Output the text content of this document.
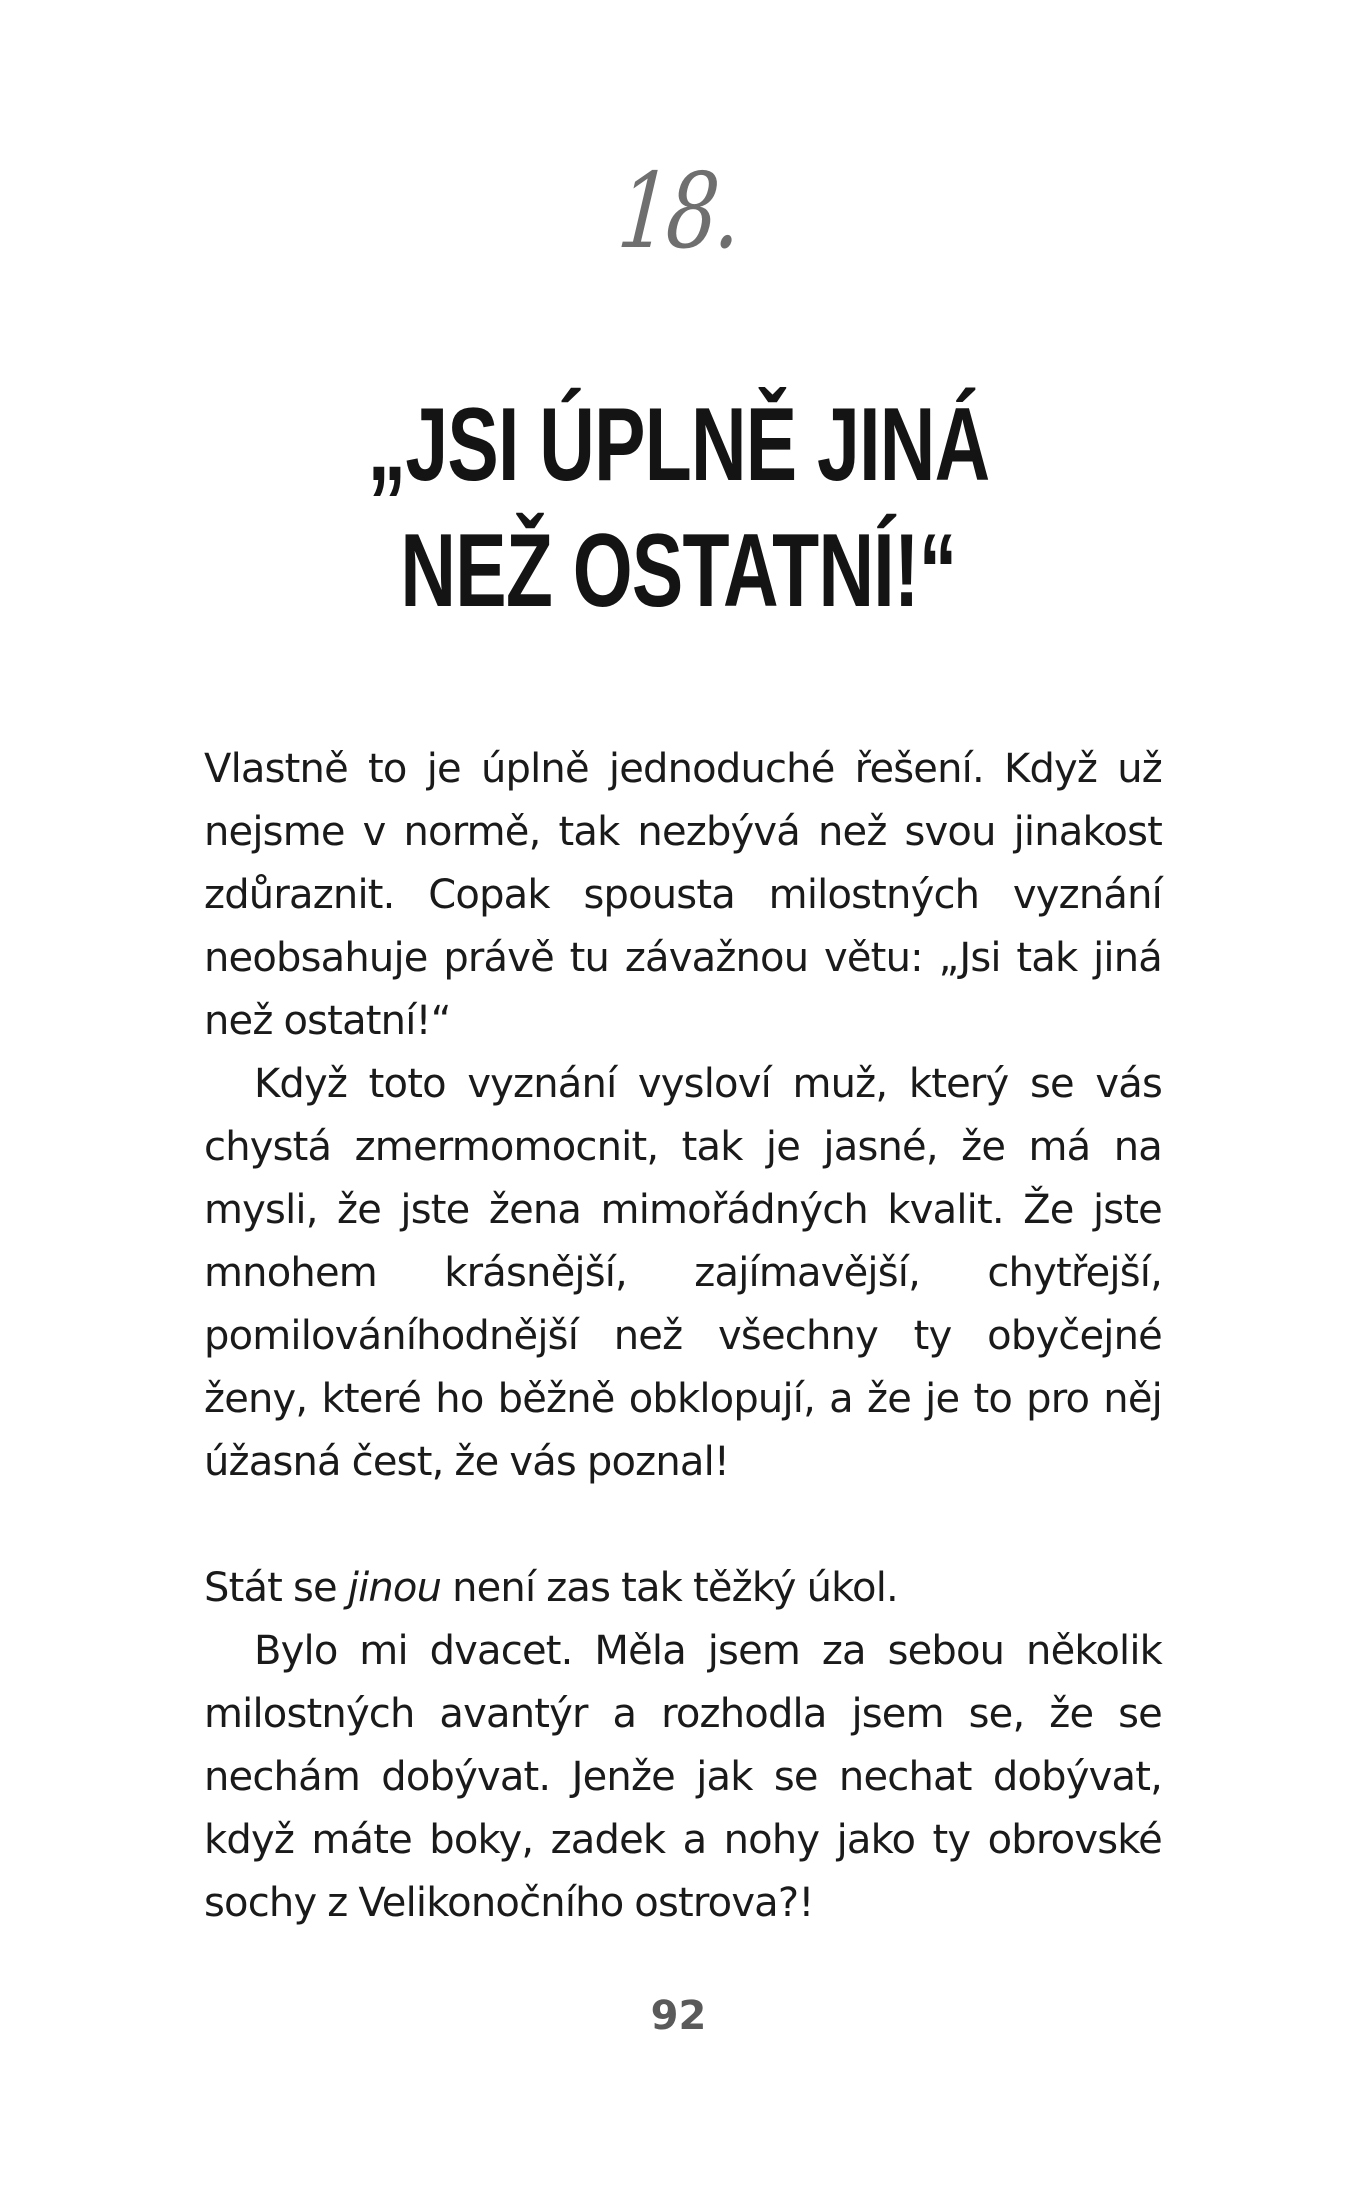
18.
„JSI ÚPLNĚ JINÁ
NEŽ OSTATNÍ!“

Vlastně to je úplně jednoduché řešení. Když už nejsme v normě, tak nezbývá než svou jinakost zdůraznit. Copak spousta milostných vyznání neobsahuje právě tu závažnou větu: „Jsi tak jiná než ostatní!“

Když toto vyznání vysloví muž, který se vás chystá zmermomocnit, tak je jasné, že má na mysli, že jste žena mimořádných kvalit. Že jste mnohem krásnější, zajímavější, chytřejší, pomilováníhodnější než všechny ty obyčejné ženy, které ho běžně obklopují, a že je to pro něj úžasná čest, že vás poznal!

Stát se jinou není zas tak těžký úkol.

Bylo mi dvacet. Měla jsem za sebou několik milostných avantýr a rozhodla jsem se, že se nechám dobývat. Jenže jak se nechat dobývat, když máte boky, zadek a nohy jako ty obrovské sochy z Velikonočního ostrova?!

92
